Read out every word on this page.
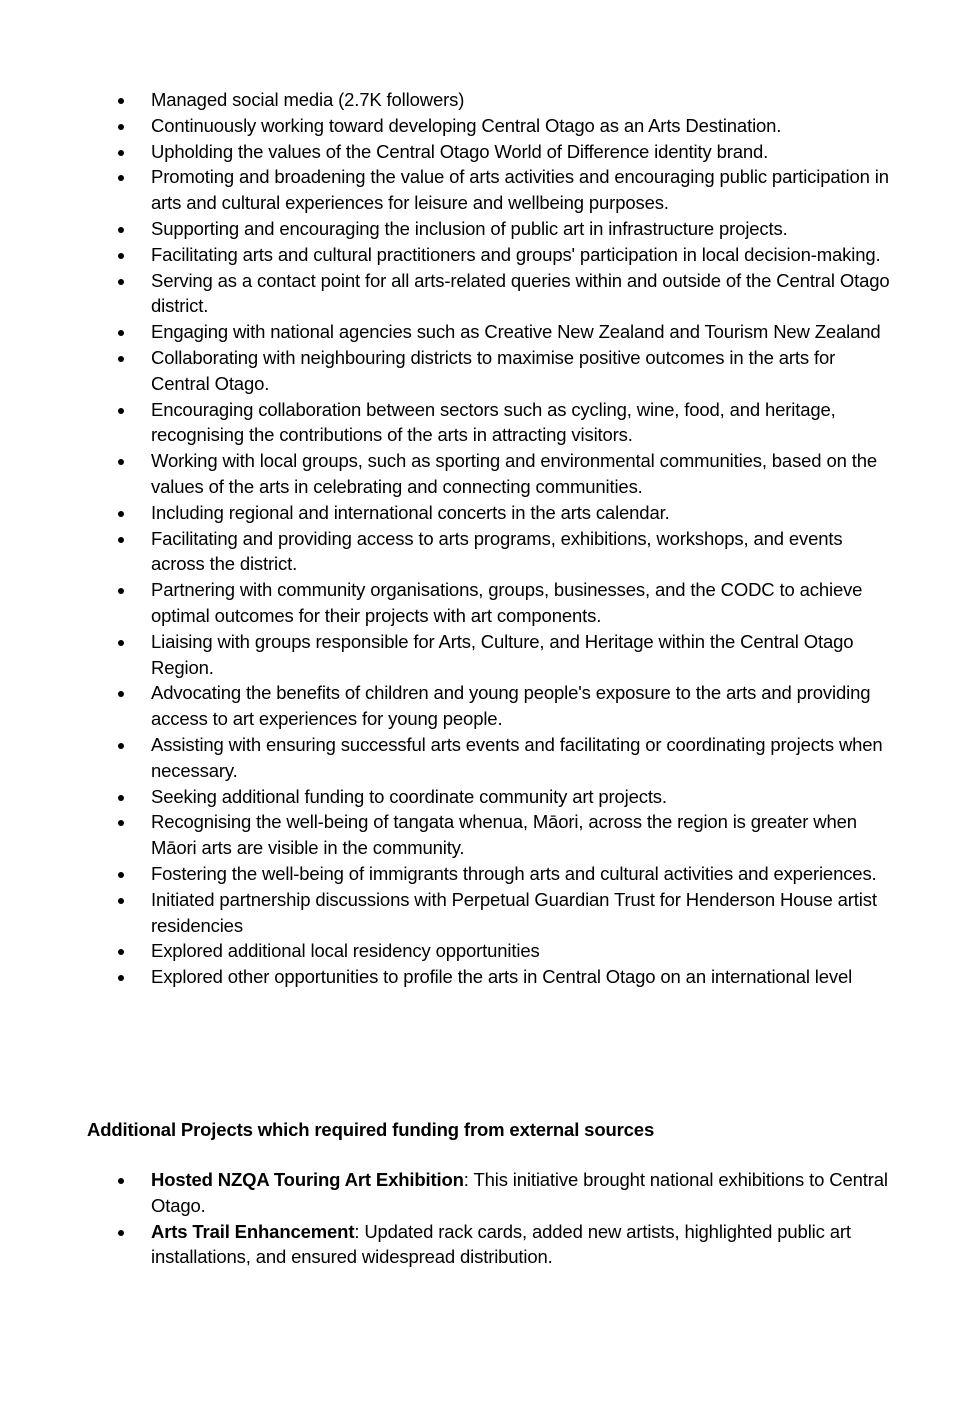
Managed social media (2.7K followers)
Continuously working toward developing Central Otago as an Arts Destination.
Upholding the values of the Central Otago World of Difference identity brand.
Promoting and broadening the value of arts activities and encouraging public participation in arts and cultural experiences for leisure and wellbeing purposes.
Supporting and encouraging the inclusion of public art in infrastructure projects.
Facilitating arts and cultural practitioners and groups' participation in local decision-making.
Serving as a contact point for all arts-related queries within and outside of the Central Otago district.
Engaging with national agencies such as Creative New Zealand and Tourism New Zealand
Collaborating with neighbouring districts to maximise positive outcomes in the arts for Central Otago.
Encouraging collaboration between sectors such as cycling, wine, food, and heritage, recognising the contributions of the arts in attracting visitors.
Working with local groups, such as sporting and environmental communities, based on the values of the arts in celebrating and connecting communities.
Including regional and international concerts in the arts calendar.
Facilitating and providing access to arts programs, exhibitions, workshops, and events across the district.
Partnering with community organisations, groups, businesses, and the CODC to achieve optimal outcomes for their projects with art components.
Liaising with groups responsible for Arts, Culture, and Heritage within the Central Otago Region.
Advocating the benefits of children and young people's exposure to the arts and providing access to art experiences for young people.
Assisting with ensuring successful arts events and facilitating or coordinating projects when necessary.
Seeking additional funding to coordinate community art projects.
Recognising the well-being of tangata whenua, Māori, across the region is greater when Māori arts are visible in the community.
Fostering the well-being of immigrants through arts and cultural activities and experiences.
Initiated partnership discussions with Perpetual Guardian Trust for Henderson House artist residencies
Explored additional local residency opportunities
Explored other opportunities to profile the arts in Central Otago on an international level
Additional Projects which required funding from external sources
Hosted NZQA Touring Art Exhibition: This initiative brought national exhibitions to Central Otago.
Arts Trail Enhancement: Updated rack cards, added new artists, highlighted public art installations, and ensured widespread distribution.
